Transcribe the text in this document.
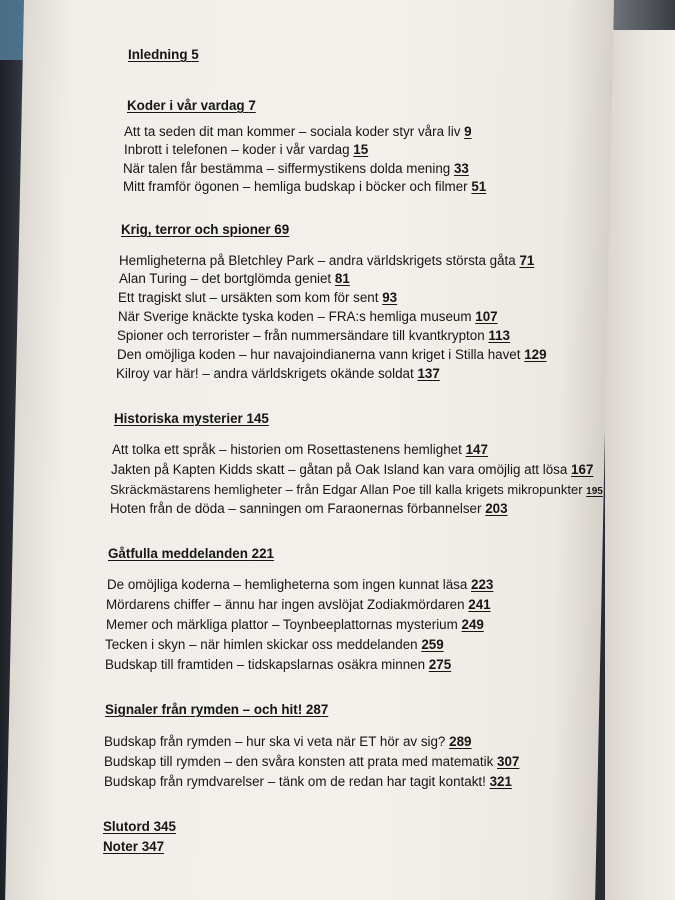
Inledning 5
Koder i vår vardag 7
Att ta seden dit man kommer – sociala koder styr våra liv 9
Inbrott i telefonen – koder i vår vardag 15
När talen får bestämma – siffermystikens dolda mening 33
Mitt framför ögonen – hemliga budskap i böcker och filmer 51
Krig, terror och spioner 69
Hemligheterna på Bletchley Park – andra världskrigets största gåta 71
Alan Turing – det bortglömda geniet 81
Ett tragiskt slut – ursäkten som kom för sent 93
När Sverige knäckte tyska koden – FRA:s hemliga museum 107
Spioner och terrorister – från nummersändare till kvantkrypton 113
Den omöjliga koden – hur navajoindianerna vann kriget i Stilla havet 129
Kilroy var här! – andra världskrigets okände soldat 137
Historiska mysterier 145
Att tolka ett språk – historien om Rosettastenens hemlighet 147
Jakten på Kapten Kidds skatt – gåtan på Oak Island kan vara omöjlig att lösa 167
Skräckmästarens hemligheter – från Edgar Allan Poe till kalla krigets mikropunkter 195
Hoten från de döda – sanningen om Faraonernas förbannelser 203
Gåtfulla meddelanden 221
De omöjliga koderna – hemligheterna som ingen kunnat läsa 223
Mördarens chiffer – ännu har ingen avslöjat Zodiakmördaren 241
Memer och märkliga plattor – Toynbeeplattornas mysterium 249
Tecken i skyn – när himlen skickar oss meddelanden 259
Budskap till framtiden – tidskapslarnas osäkra minnen 275
Signaler från rymden – och hit! 287
Budskap från rymden – hur ska vi veta när ET hör av sig? 289
Budskap till rymden – den svåra konsten att prata med matematik 307
Budskap från rymdvarelser – tänk om de redan har tagit kontakt! 321
Slutord 345
Noter 347
